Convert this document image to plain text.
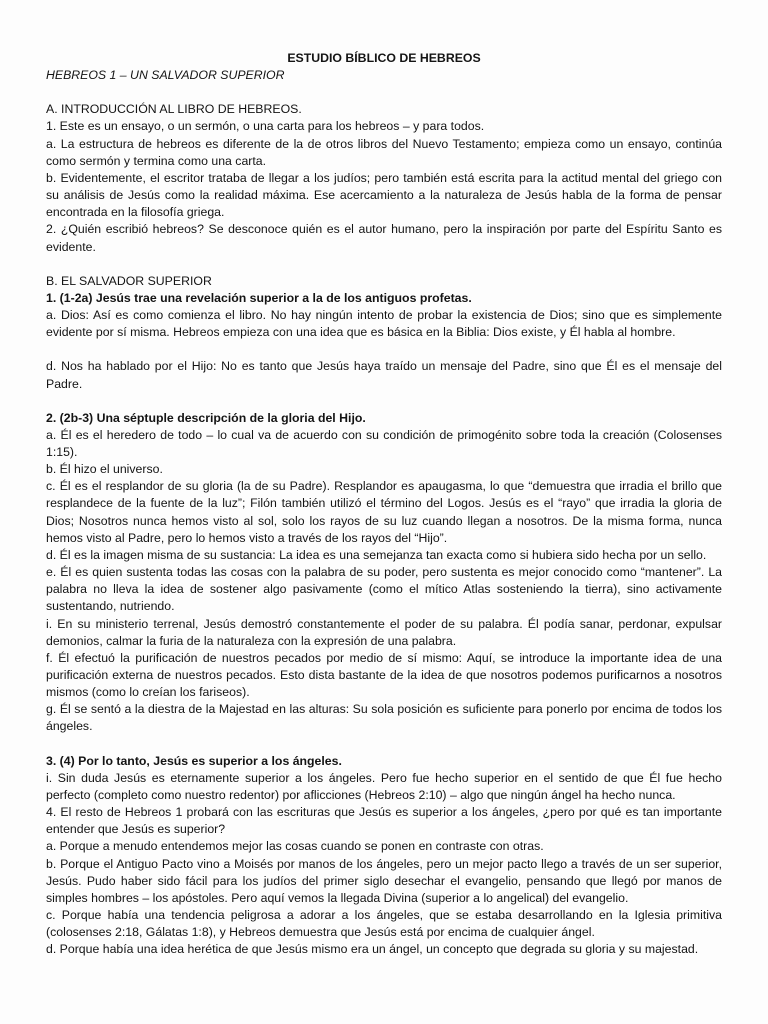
ESTUDIO BÍBLICO DE HEBREOS

HEBREOS 1 – UN SALVADOR SUPERIOR

A. INTRODUCCIÓN AL LIBRO DE HEBREOS.

1. Este es un ensayo, o un sermón, o una carta para los hebreos – y para todos.

a. La estructura de hebreos es diferente de la de otros libros del Nuevo Testamento; empieza como un ensayo, continúa como sermón y termina como una carta.

b. Evidentemente, el escritor trataba de llegar a los judíos; pero también está escrita para la actitud mental del griego con su análisis de Jesús como la realidad máxima. Ese acercamiento a la naturaleza de Jesús habla de la forma de pensar encontrada en la filosofía griega.

2. ¿Quién escribió hebreos? Se desconoce quién es el autor humano, pero la inspiración por parte del Espíritu Santo es evidente.

B. EL SALVADOR SUPERIOR

1. (1-2a) Jesús trae una revelación superior a la de los antiguos profetas.

a. Dios: Así es como comienza el libro. No hay ningún intento de probar la existencia de Dios; sino que es simplemente evidente por sí misma. Hebreos empieza con una idea que es básica en la Biblia: Dios existe, y Él habla al hombre.

d. Nos ha hablado por el Hijo: No es tanto que Jesús haya traído un mensaje del Padre, sino que Él es el mensaje del Padre.

2. (2b-3) Una séptuple descripción de la gloria del Hijo.

a. Él es el heredero de todo – lo cual va de acuerdo con su condición de primogénito sobre toda la creación (Colosenses 1:15).

b. Él hizo el universo.

c. Él es el resplandor de su gloria (la de su Padre). Resplandor es apaugasma, lo que “demuestra que irradia el brillo que resplandece de la fuente de la luz”; Filón también utilizó el término del Logos. Jesús es el “rayo” que irradia la gloria de Dios; Nosotros nunca hemos visto al sol, solo los rayos de su luz cuando llegan a nosotros. De la misma forma, nunca hemos visto al Padre, pero lo hemos visto a través de los rayos del “Hijo”.

d. Él es la imagen misma de su sustancia: La idea es una semejanza tan exacta como si hubiera sido hecha por un sello.

e. Él es quien sustenta todas las cosas con la palabra de su poder, pero sustenta es mejor conocido como “mantener”. La palabra no lleva la idea de sostener algo pasivamente (como el mítico Atlas sosteniendo la tierra), sino activamente sustentando, nutriendo.

i. En su ministerio terrenal, Jesús demostró constantemente el poder de su palabra. Él podía sanar, perdonar, expulsar demonios, calmar la furia de la naturaleza con la expresión de una palabra.

f. Él efectuó la purificación de nuestros pecados por medio de sí mismo: Aquí, se introduce la importante idea de una purificación externa de nuestros pecados. Esto dista bastante de la idea de que nosotros podemos purificarnos a nosotros mismos (como lo creían los fariseos).

g. Él se sentó a la diestra de la Majestad en las alturas: Su sola posición es suficiente para ponerlo por encima de todos los ángeles.

3. (4) Por lo tanto, Jesús es superior a los ángeles.

i. Sin duda Jesús es eternamente superior a los ángeles. Pero fue hecho superior en el sentido de que Él fue hecho perfecto (completo como nuestro redentor) por aflicciones (Hebreos 2:10) – algo que ningún ángel ha hecho nunca.

4. El resto de Hebreos 1 probará con las escrituras que Jesús es superior a los ángeles, ¿pero por qué es tan importante entender que Jesús es superior?

a. Porque a menudo entendemos mejor las cosas cuando se ponen en contraste con otras.

b. Porque el Antiguo Pacto vino a Moisés por manos de los ángeles, pero un mejor pacto llego a través de un ser superior, Jesús. Pudo haber sido fácil para los judíos del primer siglo desechar el evangelio, pensando que llegó por manos de simples hombres – los apóstoles. Pero aquí vemos la llegada Divina (superior a lo angelical) del evangelio.

c. Porque había una tendencia peligrosa a adorar a los ángeles, que se estaba desarrollando en la Iglesia primitiva (colosenses 2:18, Gálatas 1:8), y Hebreos demuestra que Jesús está por encima de cualquier ángel.

d. Porque había una idea herética de que Jesús mismo era un ángel, un concepto que degrada su gloria y su majestad.
